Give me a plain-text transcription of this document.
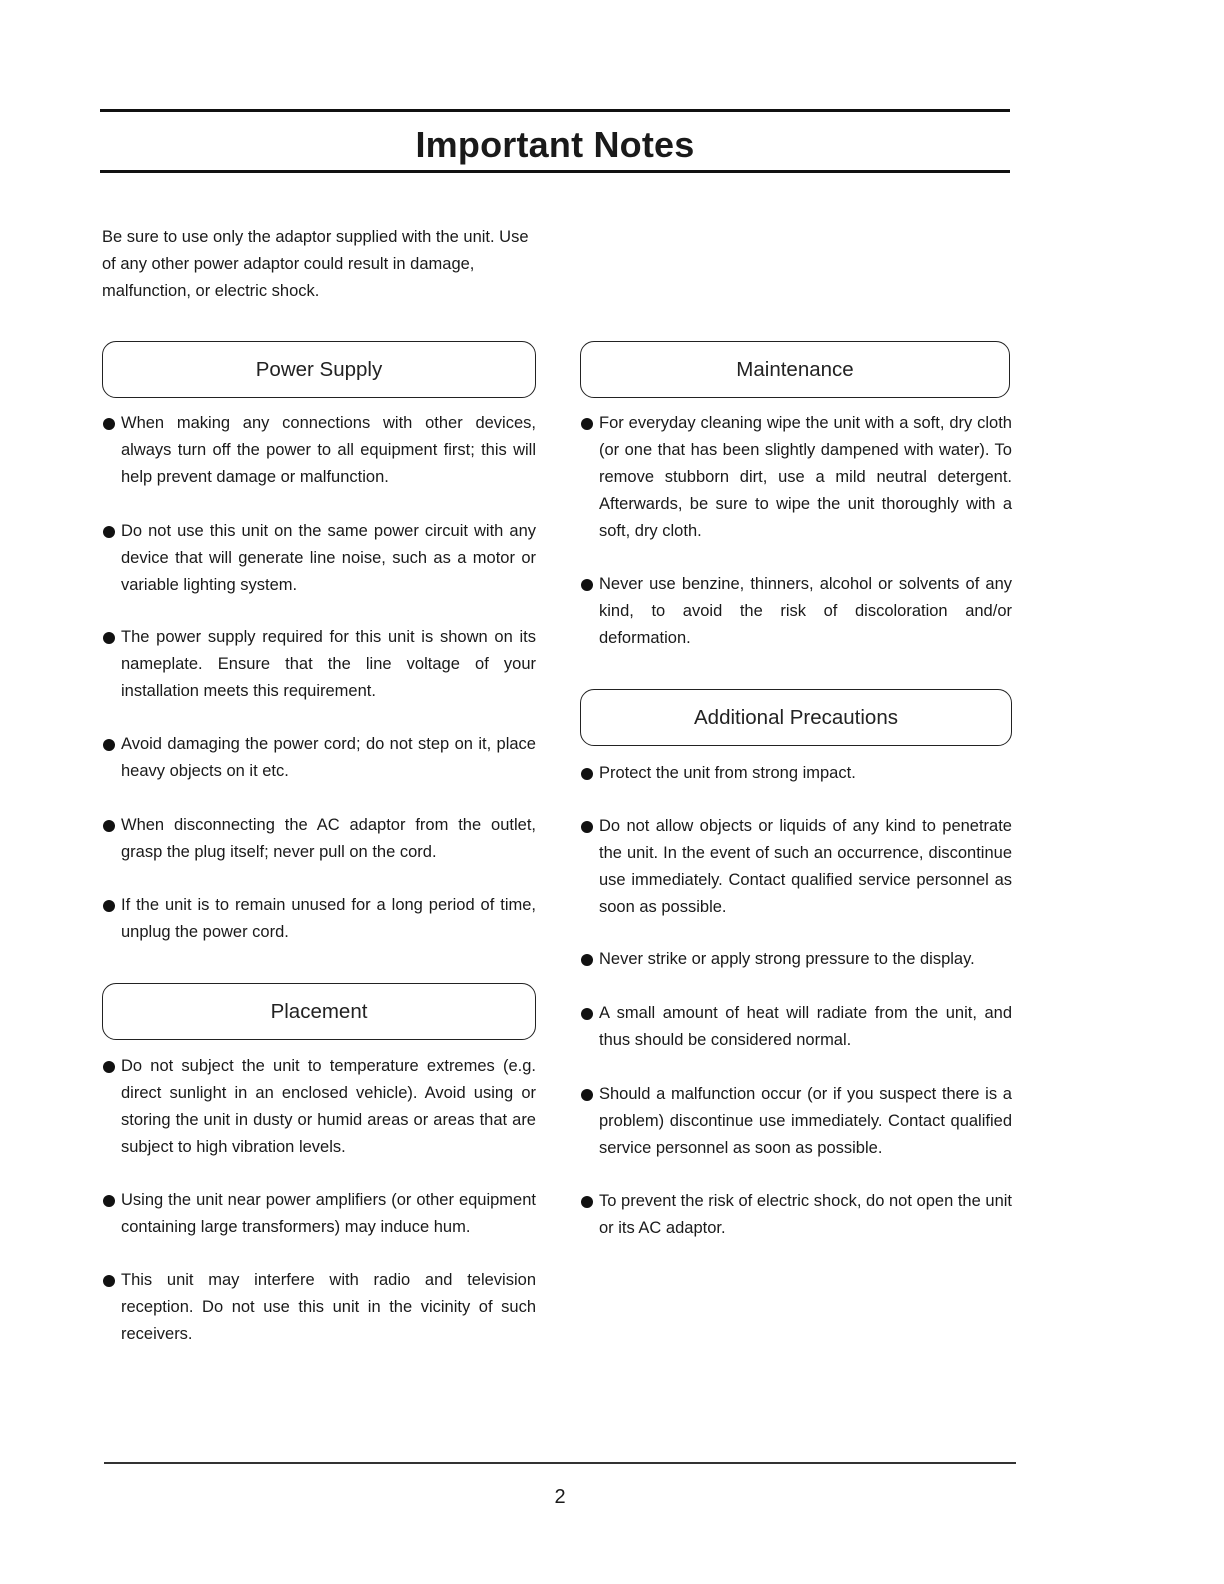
Important Notes
Be sure to use only the adaptor supplied with the unit. Use of any other power adaptor could result in damage, malfunction, or electric shock.
Power Supply
When making any connections with other devices, always turn off the power to all equipment first; this will help prevent damage or malfunction.
Do not use this unit on the same power circuit with any device that will generate line noise, such as a motor or variable lighting system.
The power supply required for this unit is shown on its nameplate. Ensure that the line voltage of your installation meets this requirement.
Avoid damaging the power cord; do not step on it, place heavy objects on it etc.
When disconnecting the AC adaptor from the outlet, grasp the plug itself; never pull on the cord.
If the unit is to remain unused for a long period of time, unplug the power cord.
Placement
Do not subject the unit to temperature extremes (e.g. direct sunlight in an enclosed vehicle). Avoid using or storing the unit in dusty or humid areas or areas that are subject to high vibration levels.
Using the unit near power amplifiers (or other equipment containing large transformers) may induce hum.
This unit may interfere with radio and television reception. Do not use this unit in the vicinity of such receivers.
Maintenance
For everyday cleaning wipe the unit with a soft, dry cloth (or one that has been slightly dampened with water). To remove stubborn dirt, use a mild neutral detergent. Afterwards, be sure to wipe the unit thoroughly with a soft, dry cloth.
Never use benzine, thinners, alcohol or solvents of any kind, to avoid the risk of discoloration and/or deformation.
Additional Precautions
Protect the unit from strong impact.
Do not allow objects or liquids of any kind to penetrate the unit. In the event of such an occurrence, discontinue use immediately. Contact qualified service personnel as soon as possible.
Never strike or apply strong pressure to the display.
A small amount of heat will radiate from the unit, and thus should be considered normal.
Should a malfunction occur (or if you suspect there is a problem) discontinue use immediately. Contact qualified service personnel as soon as possible.
To prevent the risk of electric shock, do not open the unit or its AC adaptor.
2
